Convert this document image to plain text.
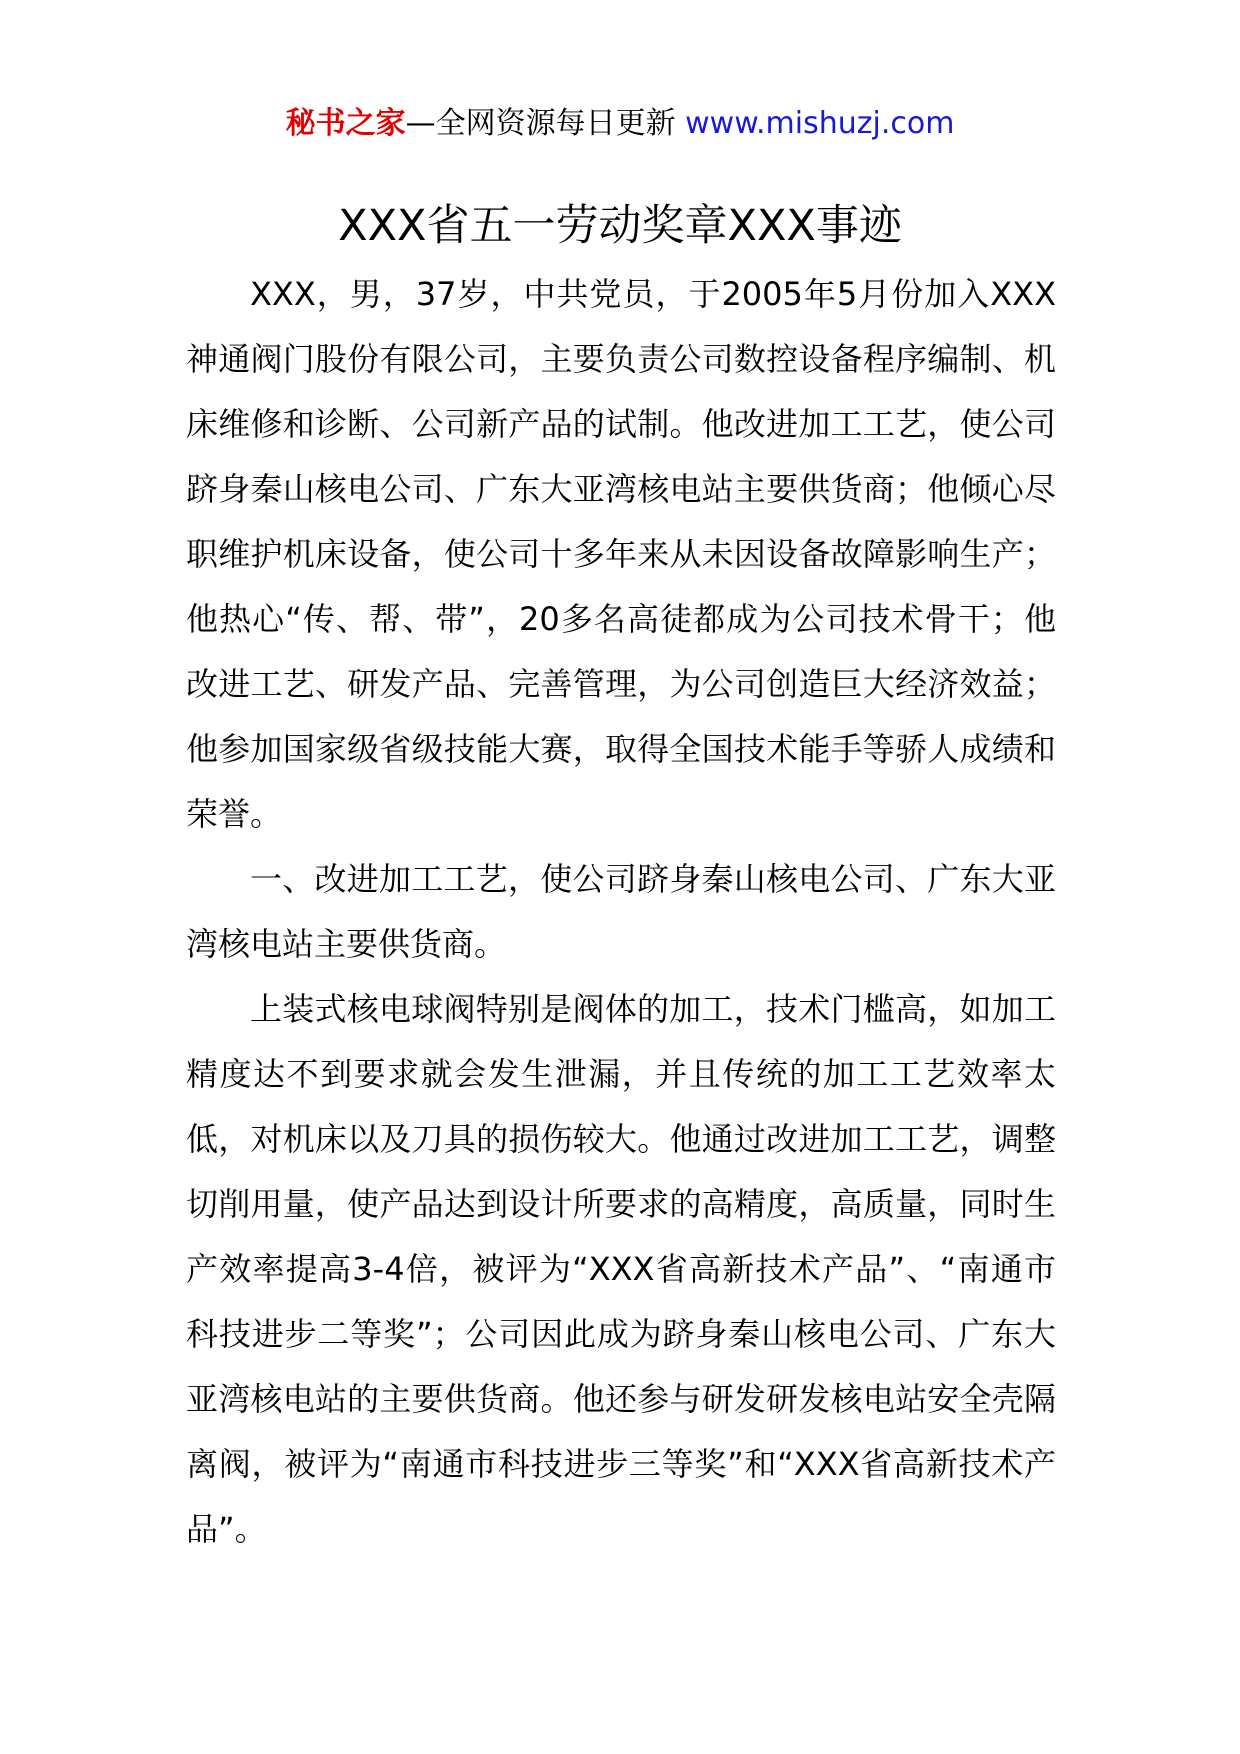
秘书之家—全网资源每日更新 www.mishuzj.com
XXX省五一劳动奖章XXX事迹

XXX，男，37岁，中共党员，于2005年5月份加入XXX神通阀门股份有限公司，主要负责公司数控设备程序编制、机床维修和诊断、公司新产品的试制。他改进加工工艺，使公司跻身秦山核电公司、广东大亚湾核电站主要供货商；他倾心尽职维护机床设备，使公司十多年来从未因设备故障影响生产；他热心“传、帮、带”，20多名高徒都成为公司技术骨干；他改进工艺、研发产品、完善管理，为公司创造巨大经济效益；他参加国家级省级技能大赛，取得全国技术能手等骄人成绩和荣誉。

一、改进加工工艺，使公司跻身秦山核电公司、广东大亚湾核电站主要供货商。

上装式核电球阀特别是阀体的加工，技术门槛高，如加工精度达不到要求就会发生泄漏，并且传统的加工工艺效率太低，对机床以及刀具的损伤较大。他通过改进加工工艺，调整切削用量，使产品达到设计所要求的高精度，高质量，同时生产效率提高3-4倍，被评为“XXX省高新技术产品”、“南通市科技进步二等奖”；公司因此成为跻身秦山核电公司、广东大亚湾核电站的主要供货商。他还参与研发研发核电站安全壳隔离阀，被评为“南通市科技进步三等奖”和“XXX省高新技术产品”。
